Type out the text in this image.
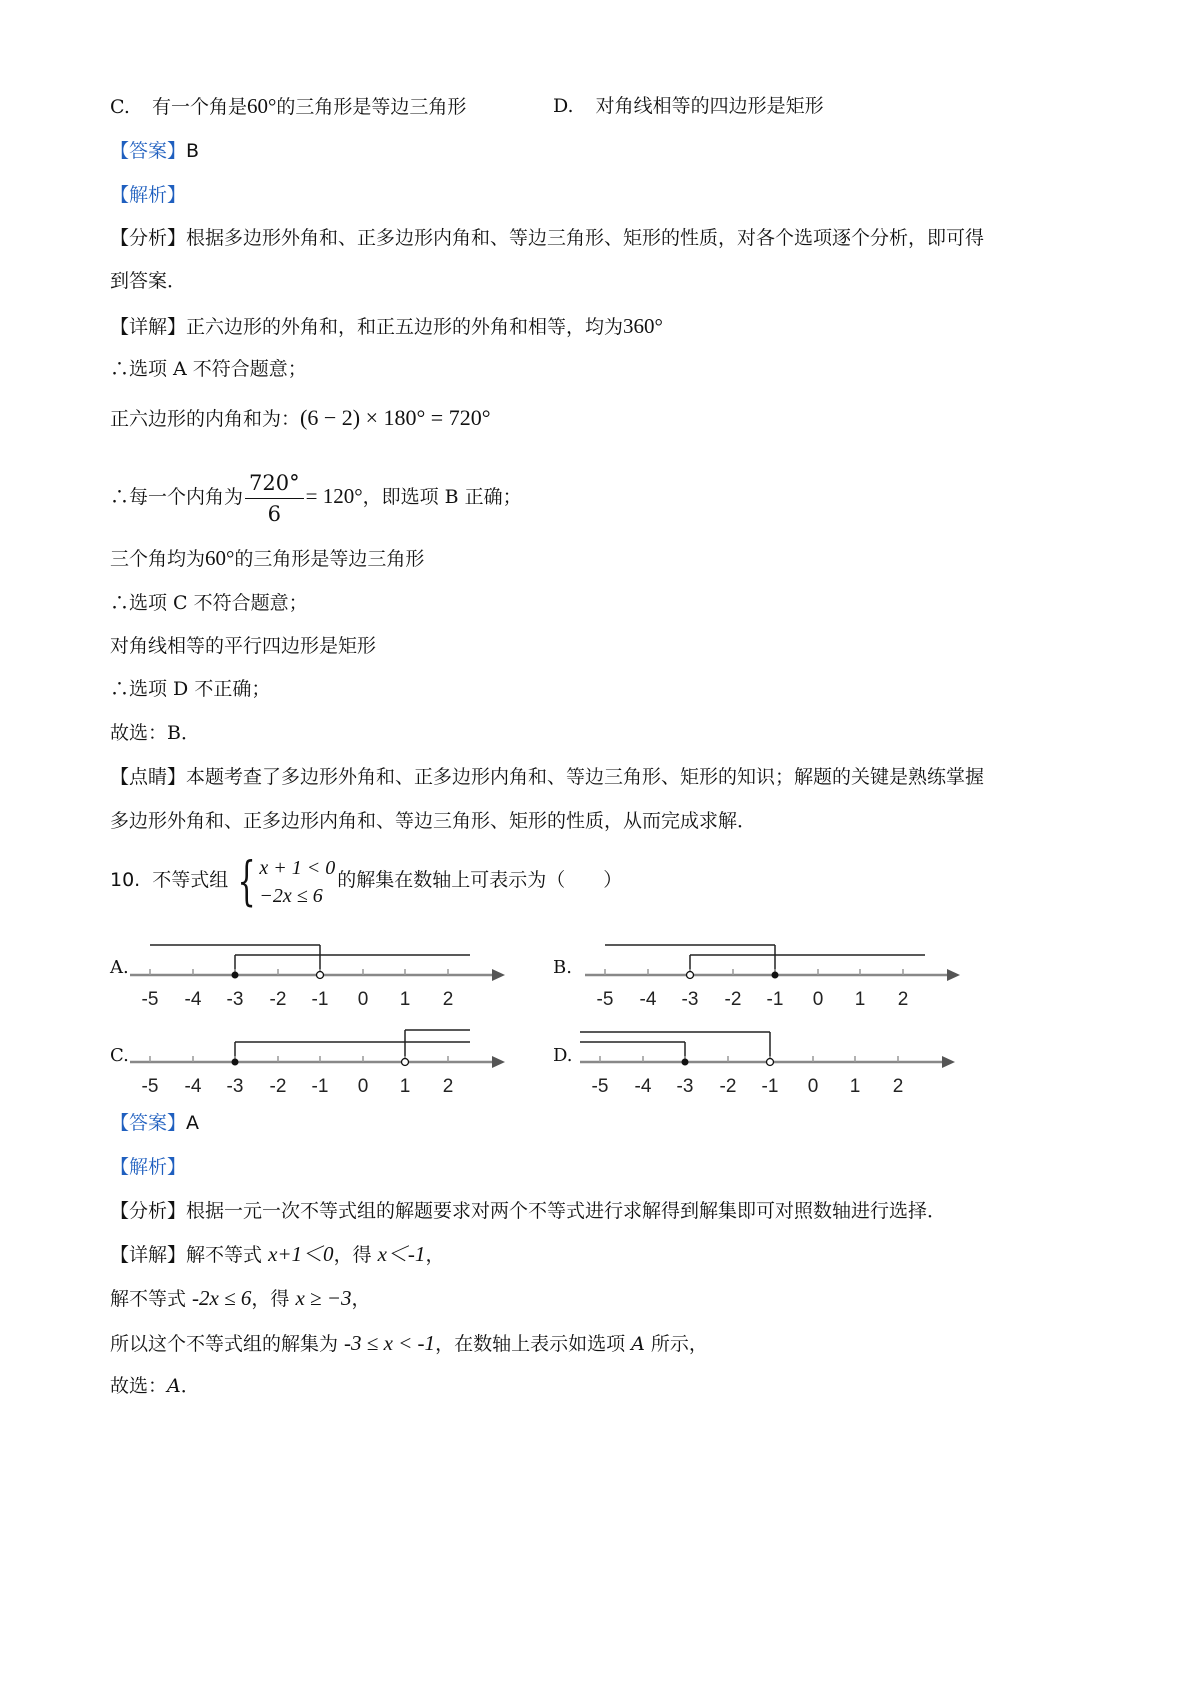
C. 有一个角是60°的三角形是等边三角形	D. 对角线相等的四边形是矩形
【答案】B
【解析】
【分析】根据多边形外角和、正多边形内角和、等边三角形、矩形的性质，对各个选项逐个分析，即可得
到答案．
【详解】正六边形的外角和，和正五边形的外角和相等，均为360°
∴选项 A 不符合题意；
正六边形的内角和为：(6 − 2) × 180° = 720°
∴每一个内角为 $\frac{720^\circ}{6} = 120^\circ$，即选项 B 正确；
三个角均为60°的三角形是等边三角形
∴选项 C 不符合题意；
对角线相等的平行四边形是矩形
∴选项 D 不正确；
故选：B．
【点睛】本题考查了多边形外角和、正多边形内角和、等边三角形、矩形的知识；解题的关键是熟练掌握
多边形外角和、正多边形内角和、等边三角形、矩形的性质，从而完成求解．
10. 不等式组 { x + 1 < 0
−2x ≤ 6
的解集在数轴上可表示为（　　）
A.	B.
C.	D.
-5 -4 -3 -2 -1 0 1 2	-5 -4 -3 -2 -1 0 1 2
-5 -4 -3 -2 -1 0 1 2	-5 -4 -3 -2 -1 0 1 2
【答案】A
【解析】
【分析】根据一元一次不等式组的解题要求对两个不等式进行求解得到解集即可对照数轴进行选择．
【详解】解不等式 x+1＜0，得 x＜-1，
解不等式 -2x ≤ 6，得 x ≥ −3，
所以这个不等式组的解集为 -3 ≤ x < -1，在数轴上表示如选项 A 所示，
故选：A．
